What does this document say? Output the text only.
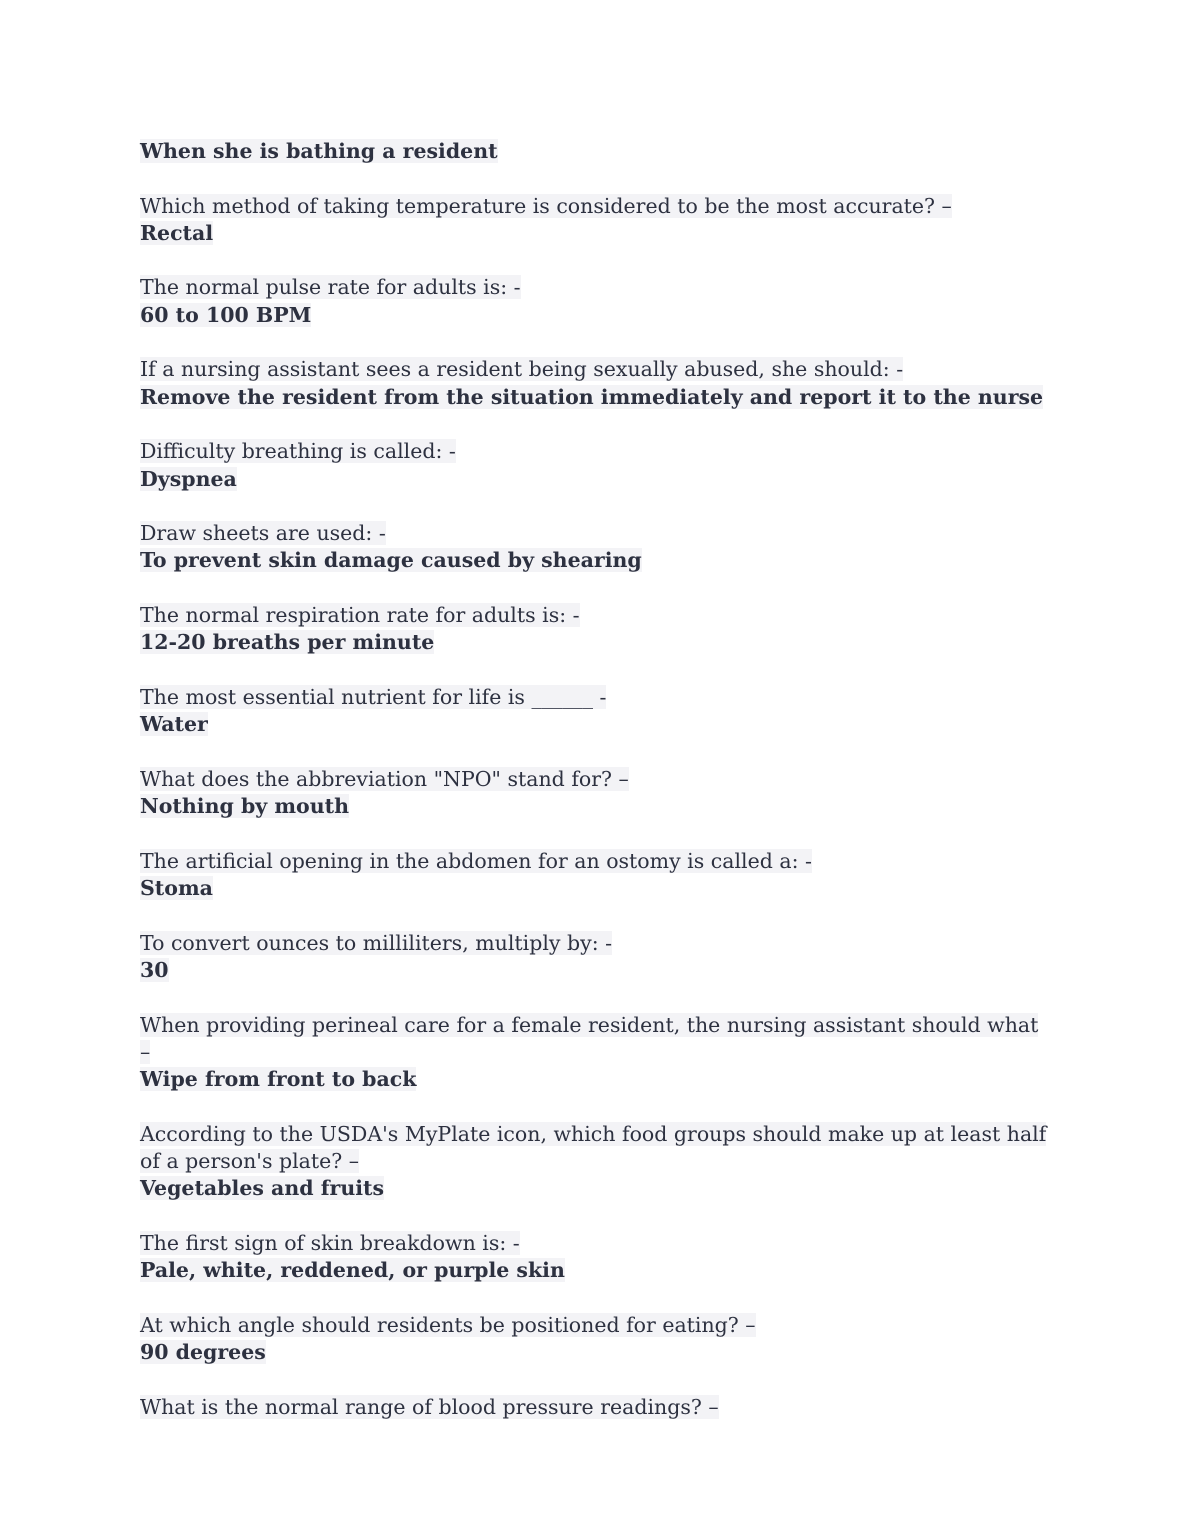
When she is bathing a resident
Which method of taking temperature is considered to be the most accurate? –
Rectal
The normal pulse rate for adults is: -
60 to 100 BPM
If a nursing assistant sees a resident being sexually abused, she should: -
Remove the resident from the situation immediately and report it to the nurse
Difficulty breathing is called: -
Dyspnea
Draw sheets are used: -
To prevent skin damage caused by shearing
The normal respiration rate for adults is: -
12-20 breaths per minute
The most essential nutrient for life is ______ -
Water
What does the abbreviation "NPO" stand for? –
Nothing by mouth
The artificial opening in the abdomen for an ostomy is called a: -
Stoma
To convert ounces to milliliters, multiply by: -
30
When providing perineal care for a female resident, the nursing assistant should what –
Wipe from front to back
According to the USDA's MyPlate icon, which food groups should make up at least half of a person's plate? –
Vegetables and fruits
The first sign of skin breakdown is: -
Pale, white, reddened, or purple skin
At which angle should residents be positioned for eating? –
90 degrees
What is the normal range of blood pressure readings? –
